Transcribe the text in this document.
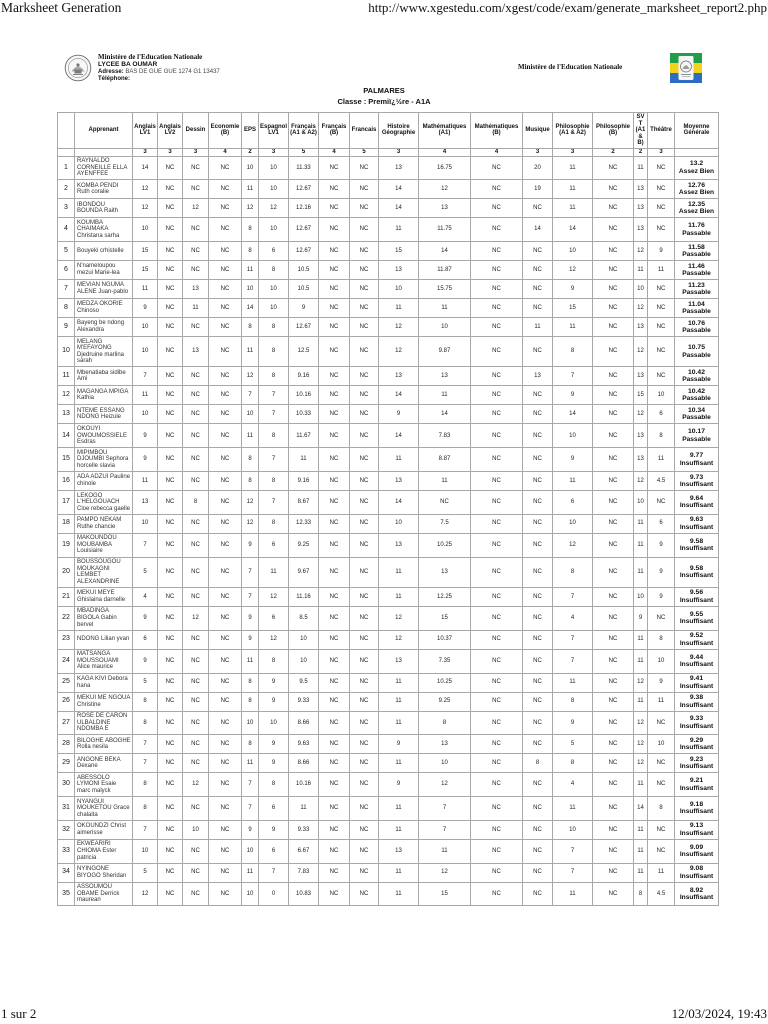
Marksheet Generation	http://www.xgestedu.com/xgest/code/exam/generate_marksheet_report2.php
Ministère de l'Education Nationale
LYCEE BA OUMAR
Adresse: BAS DE GUE GUE 1274 G1 13437
Téléphone:
Ministère de l'Education Nationale
PALMARES
Classe : Premiï¿½re - A1A
	Apprenant	Anglais LV1	Anglais LV2	Dessin	Economie (B)	EPS	Espagnol LV1	Français (A1 & A2)	Français (B)	Francais	Histoire Géographie	Mathématiques (A1)	Mathématiques (B)	Musique	Philosophie (A1 & A2)	Philosophie (B)	SVT (A1 & B)	Théâtre	Moyenne Générale
		3	3	3	4	2	3	5	4	5	3	4	4	3	3	2	2	3	
1	RAYNALDO CORNEILLE ELLA AYENFFEE	14	NC	NC	NC	10	10	11.33	NC	NC	13	16.75	NC	20	11	NC	11	NC	13.2
Assez Bien

2	KOMBA PENDI Ruth coralie	12	NC	NC	NC	11	10	12.67	NC	NC	14	12	NC	19	11	NC	13	NC	12.76
Assez Bien

3	IBONDOU BOUNDA Raith	12	NC	12	NC	12	12	12.16	NC	NC	14	13	NC	NC	11	NC	13	NC	12.35
Assez Bien

4	KOUMBA CHAIMAKA Christana sarha	10	NC	NC	NC	8	10	12.67	NC	NC	11	11.75	NC	14	14	NC	13	NC	11.76
Passable

5	Bouyeki crhistelle	15	NC	NC	NC	8	6	12.67	NC	NC	15	14	NC	NC	10	NC	12	9	11.58
Passable

6	N'nameloupou mezui Marie-lea	15	NC	NC	NC	11	8	10.5	NC	NC	13	11.87	NC	NC	12	NC	11	11	11.46
Passable

7	MEVIAN NGUMA ALENE Juan-pablo	11	NC	13	NC	10	10	10.5	NC	NC	10	15.75	NC	NC	9	NC	10	NC	11.23
Passable

8	MEDZA OKORIE Chinoso	9	NC	11	NC	14	10	9	NC	NC	11	11	NC	NC	15	NC	12	NC	11.04
Passable

9	Bayeng be ndong Alexandra	10	NC	NC	NC	8	8	12.67	NC	NC	12	10	NC	11	11	NC	13	NC	10.76
Passable

10	MELANG M'EFAYONG Djedruine marlina sarah	10	NC	13	NC	11	8	12.5	NC	NC	12	9.87	NC	NC	8	NC	12	NC	10.75
Passable

11	Mbenatiaba sidibe Ami	7	NC	NC	NC	12	8	9.16	NC	NC	13	13	NC	13	7	NC	13	NC	10.42
Passable

12	MAGANGA MPIGA Kathia	11	NC	NC	NC	7	7	10.16	NC	NC	14	11	NC	NC	9	NC	15	10	10.42
Passable

13	NTEME ESSANG NDONG Heizule	10	NC	NC	NC	10	7	10.33	NC	NC	9	14	NC	NC	14	NC	12	6	10.34
Passable

14	OKOUYI OWOUMOSSIELE Esdras	9	NC	NC	NC	11	8	11.67	NC	NC	14	7.83	NC	NC	10	NC	13	8	10.17
Passable

15	MIPIMBOU DJOUMBI Sephora horcelle slavia	9	NC	NC	NC	8	7	11	NC	NC	11	8.87	NC	NC	9	NC	13	11	9.77
Insuffisant

16	ADA ADZUI Pauline chinole	11	NC	NC	NC	8	8	9.16	NC	NC	13	11	NC	NC	11	NC	12	4.5	9.73
Insuffisant

17	LEKOGO L'HELGOUACH Cloe rebecca gaelle	13	NC	8	NC	12	7	8.67	NC	NC	14	NC	NC	NC	6	NC	10	NC	9.64
Insuffisant

18	PAMPO NEKAM Ruthe chancie	10	NC	NC	NC	12	8	12.33	NC	NC	10	7.5	NC	NC	10	NC	11	6	9.63
Insuffisant

19	MAKOUNDOU MOUBAMBA Louisiaire	7	NC	NC	NC	9	6	9.25	NC	NC	13	10.25	NC	NC	12	NC	11	9	9.58
Insuffisant

20	BOUSSOUGOU MOUKAGNI LEMBET ALEXANDRINE	5	NC	NC	NC	7	11	9.67	NC	NC	11	13	NC	NC	8	NC	11	9	9.58
Insuffisant

21	MEKUI MEYE Ghislaina darnelle	4	NC	NC	NC	7	12	11.16	NC	NC	11	12.25	NC	NC	7	NC	10	9	9.56
Insuffisant

22	MBADINGA BIGOLA Gabin bervel	9	NC	12	NC	9	6	8.5	NC	NC	12	15	NC	NC	4	NC	9	NC	9.55
Insuffisant

23	NDONG Lilian yvan	6	NC	NC	NC	9	12	10	NC	NC	12	10.37	NC	NC	7	NC	11	8	9.52
Insuffisant

24	MATSANGA MOUSSOUAMI Alice maurice	9	NC	NC	NC	11	8	10	NC	NC	13	7.35	NC	NC	7	NC	11	10	9.44
Insuffisant

25	KAGA KIVI Debora hana	5	NC	NC	NC	8	9	9.5	NC	NC	11	10.25	NC	NC	11	NC	12	9	9.41
Insuffisant

26	MEKUI ME NGOUA Christine	8	NC	NC	NC	8	9	9.33	NC	NC	11	9.25	NC	NC	8	NC	11	11	9.38
Insuffisant

27	ROSE DE CARON ULBALDINE NDOMBA E	8	NC	NC	NC	10	10	8.66	NC	NC	11	8	NC	NC	9	NC	12	NC	9.33
Insuffisant

28	BILOGHE ABOGHE Rolla nesila	7	NC	NC	NC	8	9	9.63	NC	NC	9	13	NC	NC	5	NC	12	10	9.29
Insuffisant

29	ANGONE BEKA Dexane	7	NC	NC	NC	11	9	8.66	NC	NC	11	10	NC	8	8	NC	12	NC	9.23
Insuffisant

30	ABESSOLO LYMONI Esaie marc malyck	8	NC	12	NC	7	8	10.16	NC	NC	9	12	NC	NC	4	NC	11	NC	9.21
Insuffisant

31	NYANGUI MOUKETOU Grace chalaita	8	NC	NC	NC	7	6	11	NC	NC	11	7	NC	NC	11	NC	14	8	9.18
Insuffisant

32	OKOUNDZI Christ aimerisse	7	NC	10	NC	9	9	9.33	NC	NC	11	7	NC	NC	10	NC	11	NC	9.13
Insuffisant

33	EKWEARIRI CHIOMA Ester patricia	10	NC	NC	NC	10	6	6.67	NC	NC	13	11	NC	NC	7	NC	11	NC	9.09
Insuffisant

34	NYINGONE BIYOGO Sheridan	5	NC	NC	NC	11	7	7.83	NC	NC	11	12	NC	NC	7	NC	11	11	9.08
Insuffisant

35	ASSOUMOU OBAME Derrick maurean	12	NC	NC	NC	10	0	10.83	NC	NC	11	15	NC	NC	11	NC	8	4.5	8.92
Insuffisant
1 sur 2	12/03/2024, 19:43
